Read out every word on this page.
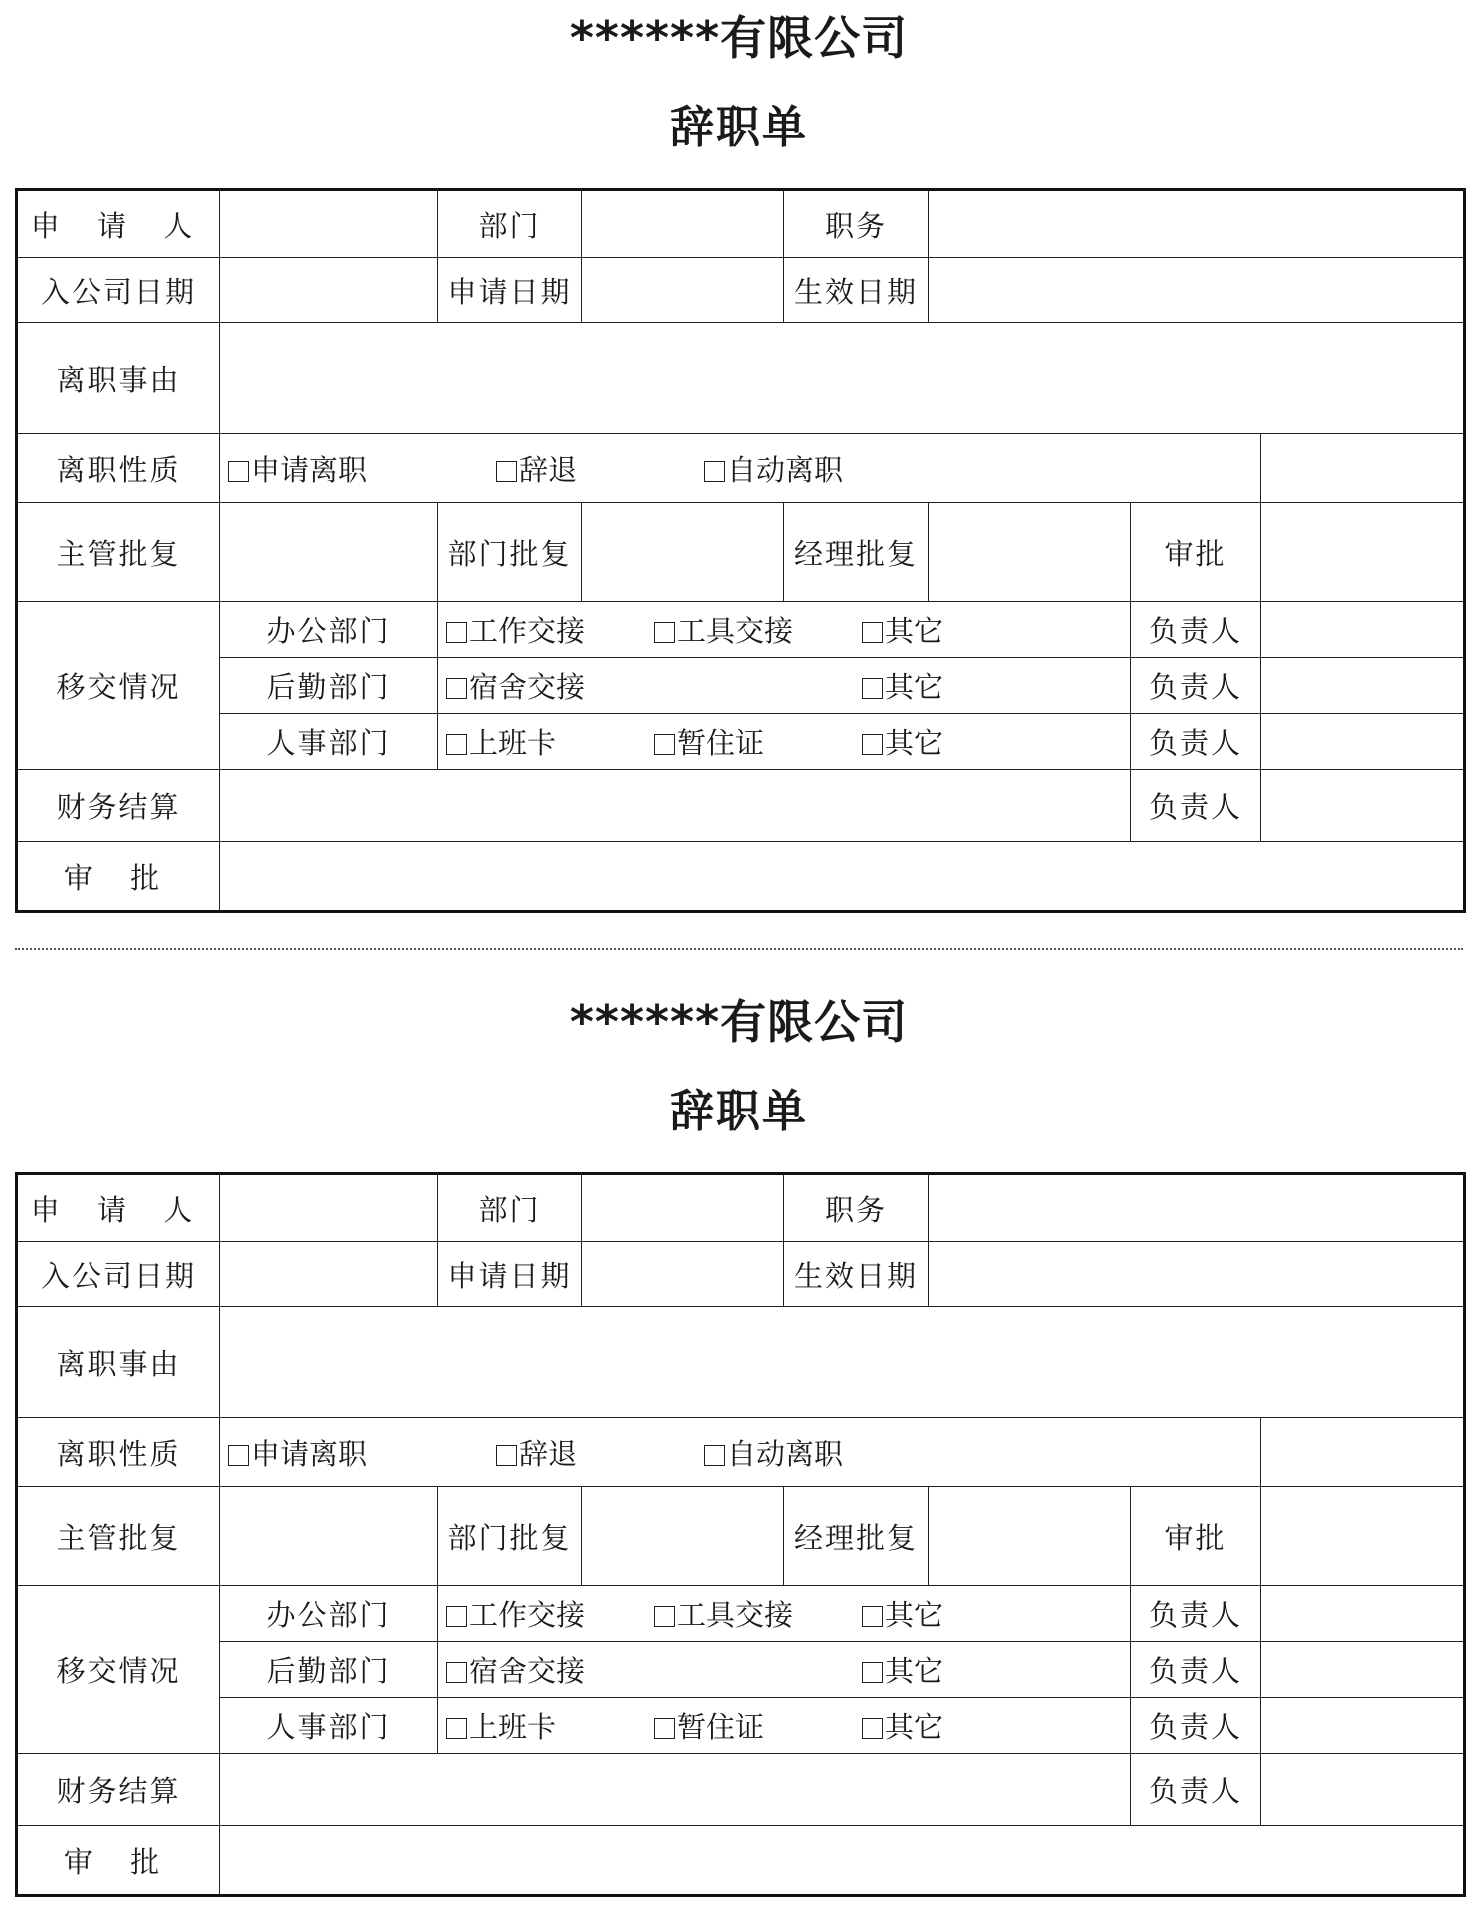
******有限公司
辞职单
申 请 人		部门		职务			
入公司日期		申请日期		生效日期			
离职事由							
离职性质	申请离职 辞退 自动离职						
主管批复		部门批复		经理批复		审批	
移交情况	办公部门	工作交接 工具交接 其它				负责人	
	后勤部门	宿舍交接 其它				负责人	
	人事部门	上班卡 暂住证 其它				负责人	
财务结算						负责人	
审 批							
******有限公司
辞职单
申 请 人		部门		职务			
入公司日期		申请日期		生效日期			
离职事由							
离职性质	申请离职 辞退 自动离职						
主管批复		部门批复		经理批复		审批	
移交情况	办公部门	工作交接 工具交接 其它				负责人	
	后勤部门	宿舍交接 其它				负责人	
	人事部门	上班卡 暂住证 其它				负责人	
财务结算						负责人	
审 批							
